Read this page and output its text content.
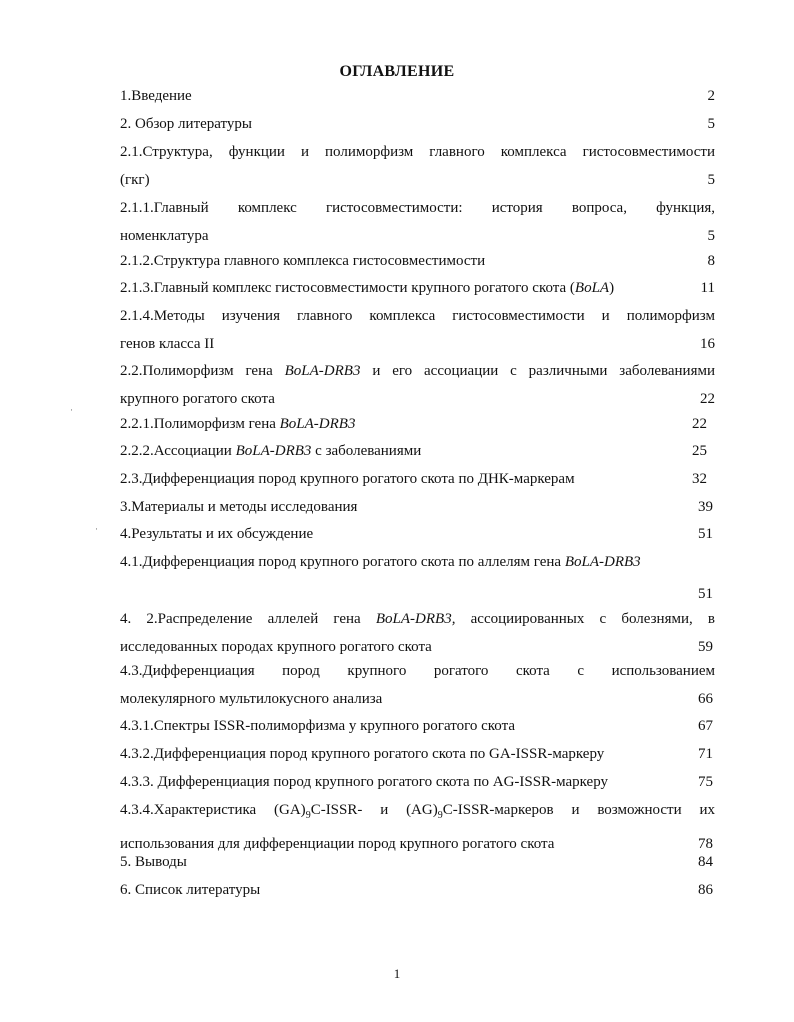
ОГЛАВЛЕНИЕ
1.Введение	2
2. Обзор литературы	5
2.1.Структура, функции и полиморфизм главного комплекса гистосовместимости
(гкг)	5
2.1.1.Главный комплекс гистосовместимости: история вопроса, функция,
номенклатура	5
2.1.2.Структура главного комплекса гистосовместимости	8
2.1.3.Главный комплекс гистосовместимости крупного рогатого скота (BoLA)	11
2.1.4.Методы изучения главного комплекса гистосовместимости и полиморфизм
генов класса II	16
2.2.Полиморфизм гена BoLA-DRB3 и его ассоциации с различными заболеваниями
крупного рогатого скота	22
2.2.1.Полиморфизм гена BoLA-DRB3	22
2.2.2.Ассоциации BoLA-DRB3 с заболеваниями	25
2.3.Дифференциация пород крупного рогатого скота по ДНК-маркерам	32
3.Материалы и методы исследования	39
4.Результаты и их обсуждение	51
4.1.Дифференциация пород крупного рогатого скота по аллелям гена BoLA-DRB3
51
4. 2.Распределение аллелей гена BoLA-DRB3, ассоциированных с болезнями, в
исследованных породах крупного рогатого скота	59
4.3.Дифференциация пород крупного рогатого скота с использованием
молекулярного мультилокусного анализа	66
4.3.1.Спектры ISSR-полиморфизма у крупного рогатого скота	67
4.3.2.Дифференциация пород крупного рогатого скота по GA-ISSR-маркеру	71
4.3.3. Дифференциация пород крупного рогатого скота по AG-ISSR-маркеру	75
4.3.4.Характеристика $(GA)_9C-ISSR-$ и $(AG)_9C-ISSR$-маркеров и возможности их
использования для дифференциации пород крупного рогатого скота	78
5. Выводы	84
6. Список литературы	86
·
·
1
